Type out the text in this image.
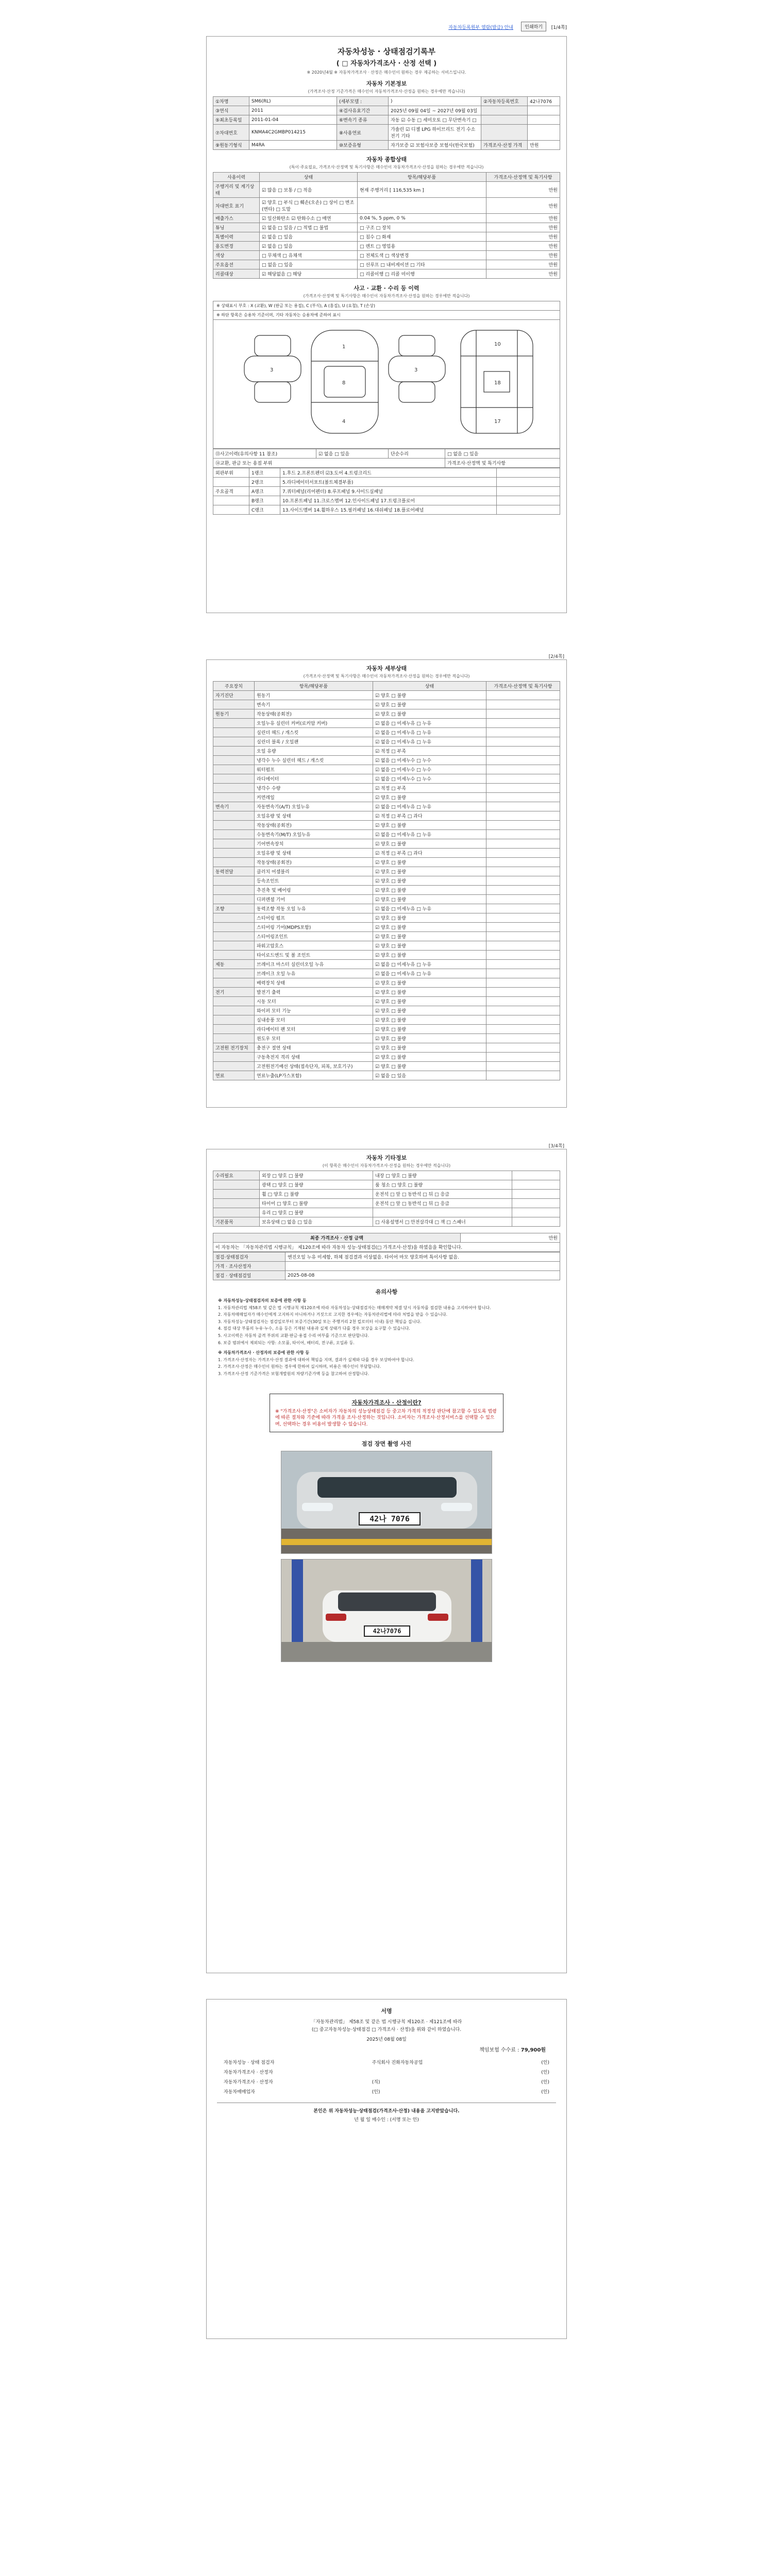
자동차등록원부 열람(발급) 안내	인쇄하기	[1/4쪽]
자동차성능 · 상태점검기록부
( □ 자동차가격조사 · 산정 선택 )
※ 2020년4월 ※ 자동차가격조사 · 산정은 매수인이 원하는 경우 제공하는 서비스입니다.
자동차 기본정보
(가격조사·산정 기준가격은 매수인이 자동차가격조사·산정을 원하는 경우에만 적습니다)
①차명	SM6(RL)	(세부모델 :	)	②자동차등록번호	42나7076
③연식	2011	④검사유효기간	2025년 09월 04일 ~ 2027년 09월 03일		
⑤최초등록일	2011-01-04	⑥변속기 종류	자동 ☑ 수동 □ 세미오토 □ 무단변속기 □		
⑦차대번호	KNMA4C2GMBP014215	⑧사용연료	가솔린 ☑ 디젤 LPG 하이브리드 전기 수소전기 기타		
⑨원동기형식	M4RA	⑩보증유형	자가보증 ☑ 보험사보증 보험사(한국보험)	가격조사·산정 가격	만원
자동차 종합상태
(특이·주요필요, 가격조사·산정액 및 특기사항은 매수인이 자동차가격조사·산정을 원하는 경우에만 적습니다)
사용이력	상태	항목/해당부품	가격조사·산정액 및 특기사항
주행거리 및 계기상태	☑ 많음 □ 보통 / □ 적음	현재 주행거리 [ 116,535 km ]	만원
차대번호 표기	☑ 양호 □ 부식 □ 훼손(오손) □ 상이 □ 변조(변타) □ 도말		만원
배출가스	☑ 일산화탄소 ☑ 탄화수소 □ 매연	0.04 %, 5 ppm, 0 %	만원
튜닝	☑ 없음 □ 있음 / □ 적법 □ 불법	□ 구조 □ 장치	만원
특별이력	☑ 없음 □ 있음	□ 침수 □ 화재	만원
용도변경	☑ 없음 □ 있음	□ 렌트 □ 영업용	만원
색상	□ 무채색 □ 유채색	□ 전체도색 □ 색상변경	만원
주요옵션	□ 없음 □ 있음	□ 선루프 □ 내비게이션 □ 기타	만원
리콜대상	☑ 해당없음 □ 해당	□ 리콜이행 □ 리콜 미이행	만원
사고 · 교환 · 수리 등 이력
(가격조사·산정액 및 특기사항은 매수인이 자동차가격조사·산정을 원하는 경우에만 적습니다)
※ 상태표시 부호 : X (교환), W (판금 또는 용접), C (부식), A (흠집), U (요철), T (손상)
※ 하단 항목은 승용차 기준이며, 기타 자동차는 승용차에 준하여 표시
1
8
4
3	3
10
18
17
⑬사고이력(유의사항 11 참조)	☑ 없음 □ 있음	단순수리	□ 없음 □ 있음
⑭교환, 판금 또는 용접 부위			가격조사·산정액 및 특기사항
외판부위	1랭크	1.후드 2.프론트펜더 ☑3.도어 4.트렁크리드	
	2랭크	5.라디에이터서포트(볼트체결부품)	
주요골격	A랭크	7.쿼터패널(리어펜더) 8.루프패널 9.사이드실패널	
	B랭크	10.프론트패널 11.크로스멤버 12.인사이드패널 17.트렁크플로어	
	C랭크	13.사이드멤버 14.휠하우스 15.필러패널 16.대쉬패널 18.플로어패널	
[2/4쪽]
자동차 세부상태
(가격조사·산정액 및 특기사항은 매수인이 자동차가격조사·산정을 원하는 경우에만 적습니다)
주요장치	항목/해당부품	상태	가격조사·산정액 및 특기사항
자기진단	원동기	☑ 양호 □ 불량	
	변속기	☑ 양호 □ 불량	
원동기	작동상태(공회전)	☑ 양호 □ 불량	
	오일누유 실린더 커버(로커암 커버)	☑ 없음 □ 미세누유 □ 누유	
	실린더 헤드 / 개스킷	☑ 없음 □ 미세누유 □ 누유	
	실린더 블록 / 오일팬	☑ 없음 □ 미세누유 □ 누유	
	오일 유량	☑ 적정 □ 부족	
	냉각수 누수 실린더 헤드 / 개스킷	☑ 없음 □ 미세누수 □ 누수	
	워터펌프	☑ 없음 □ 미세누수 □ 누수	
	라디에이터	☑ 없음 □ 미세누수 □ 누수	
	냉각수 수량	☑ 적정 □ 부족	
	커먼레일	☑ 양호 □ 불량	
변속기	자동변속기(A/T) 오일누유	☑ 없음 □ 미세누유 □ 누유	
	오일유량 및 상태	☑ 적정 □ 부족 □ 과다	
	작동상태(공회전)	☑ 양호 □ 불량	
	수동변속기(M/T) 오일누유	☑ 없음 □ 미세누유 □ 누유	
	기어변속장치	☑ 양호 □ 불량	
	오일유량 및 상태	☑ 적정 □ 부족 □ 과다	
	작동상태(공회전)	☑ 양호 □ 불량	
동력전달	클러치 어셈블리	☑ 양호 □ 불량	
	등속조인트	☑ 양호 □ 불량	
	추진축 및 베어링	☑ 양호 □ 불량	
	디퍼렌셜 기어	☑ 양호 □ 불량	
조향	동력조향 작동 오일 누유	☑ 없음 □ 미세누유 □ 누유	
	스티어링 펌프	☑ 양호 □ 불량	
	스티어링 기어(MDPS포함)	☑ 양호 □ 불량	
	스티어링조인트	☑ 양호 □ 불량	
	파워고압호스	☑ 양호 □ 불량	
	타이로드엔드 및 볼 조인트	☑ 양호 □ 불량	
제동	브레이크 마스터 실린더오일 누유	☑ 없음 □ 미세누유 □ 누유	
	브레이크 오일 누유	☑ 없음 □ 미세누유 □ 누유	
	배력장치 상태	☑ 양호 □ 불량	
전기	발전기 출력	☑ 양호 □ 불량	
	시동 모터	☑ 양호 □ 불량	
	와이퍼 모터 기능	☑ 양호 □ 불량	
	실내송풍 모터	☑ 양호 □ 불량	
	라디에이터 팬 모터	☑ 양호 □ 불량	
	윈도우 모터	☑ 양호 □ 불량	
고전원 전기장치	충전구 절연 상태	☑ 양호 □ 불량	
	구동축전지 격리 상태	☑ 양호 □ 불량	
	고전원전기배선 상태(접속단자, 피복, 보호기구)	☑ 양호 □ 불량	
연료	연료누출(LP가스포함)	☑ 없음 □ 있음	
[3/4쪽]
자동차 기타정보
(이 항목은 매수인이 자동차가격조사·산정을 원하는 경우에만 적습니다)
수리필요	외장 □ 양호 □ 불량	내장 □ 양호 □ 불량	
	광택 □ 양호 □ 불량	룸 청소 □ 양호 □ 불량	
	휠 □ 양호 □ 불량	운전석 □ 앞 □ 동반석 □ 뒤 □ 응급	
	타이어 □ 양호 □ 불량	운전석 □ 앞 □ 동반석 □ 뒤 □ 응급	
	유리 □ 양호 □ 불량		
기본품목	보유상태 □ 없음 □ 있음	□ 사용설명서 □ 안전삼각대 □ 잭 □ 스패너	
최종 가격조사 · 산정 금액	만원
이 자동차는 「자동차관리법 시행규칙」 제120조에 따라 자동차 성능·상태점검(□ 가격조사·산정)을 하였음을 확인합니다.
점검·상태점검자	엔진오일 누유 미세함, 하체 점검결과 이상없음. 타이어 마모 양호하며 특이사항 없음.
가격 · 조사산정자	
점검 · 상태점검일	2025-08-08
유의사항

※ 자동차성능·상태점검자의 보증에 관한 사항 등

1. 자동차관리법 제58조 및 같은 법 시행규칙 제120조에 따라 자동차성능·상태점검자는 매매계약 체결 당시 자동차를 점검한 내용을 고지하여야 합니다.

2. 자동차매매업자가 매수인에게 고지하지 아니하거나 거짓으로 고지한 경우에는 자동차관리법에 따라 처벌을 받을 수 있습니다.

3. 자동차성능·상태점검자는 점검일로부터 보증기간(30일 또는 주행거리 2천 킬로미터 이내) 동안 책임을 집니다.

4. 점검 대상 부품의 누유·누수, 소음 등은 기재된 내용과 실제 상태가 다를 경우 보상을 요구할 수 있습니다.

5. 사고이력은 자동차 골격 부위의 교환·판금·용접 수리 여부를 기준으로 판단합니다.

6. 보증 범위에서 제외되는 사항: 소모품, 타이어, 배터리, 전구류, 오일류 등.

※ 자동차가격조사 · 산정자의 보증에 관한 사항 등

1. 가격조사·산정자는 가격조사·산정 결과에 대하여 책임을 지며, 결과가 실제와 다를 경우 보상하여야 합니다.

2. 가격조사·산정은 매수인이 원하는 경우에 한하여 실시하며, 비용은 매수인이 부담합니다.

3. 가격조사·산정 기준가격은 보험개발원의 차량기준가액 등을 참고하여 산정합니다.

자동차가격조사 · 산정이란?
※ "가격조사·산정"은 소비자가 자동차의 성능상태점검 등 중고차 가격의 적정성 판단에 참고할 수 있도록 법령에 따른 절차와 기준에 따라 가격을 조사·산정하는 것입니다. 소비자는 가격조사·산정서비스를 선택할 수 있으며, 선택하는 경우 비용이 발생할 수 있습니다.
점검 장면 촬영 사진
42나 7076
42나7076
서명
「자동차관리법」 제58조 및 같은 법 시행규칙 제120조 · 제121조에 따라
(□ 중고자동차성능·상태점검 □ 가격조사 · 산정)을 위와 같이 하였습니다.
2025년 08월 08일
책임보험 수수료 : 79,900원
자동차성능 · 상태 점검자	주식회사 진화자동차공업	(인)
자동차가격조사 · 산정자		(인)
자동차가격조사 · 산정자	(직)	(인)
자동차매매업자	(인)	(인)
본인은 위 자동차성능·상태점검(가격조사·산정) 내용을 고지받았습니다.
년 월 일 매수인 : (서명 또는 인)
